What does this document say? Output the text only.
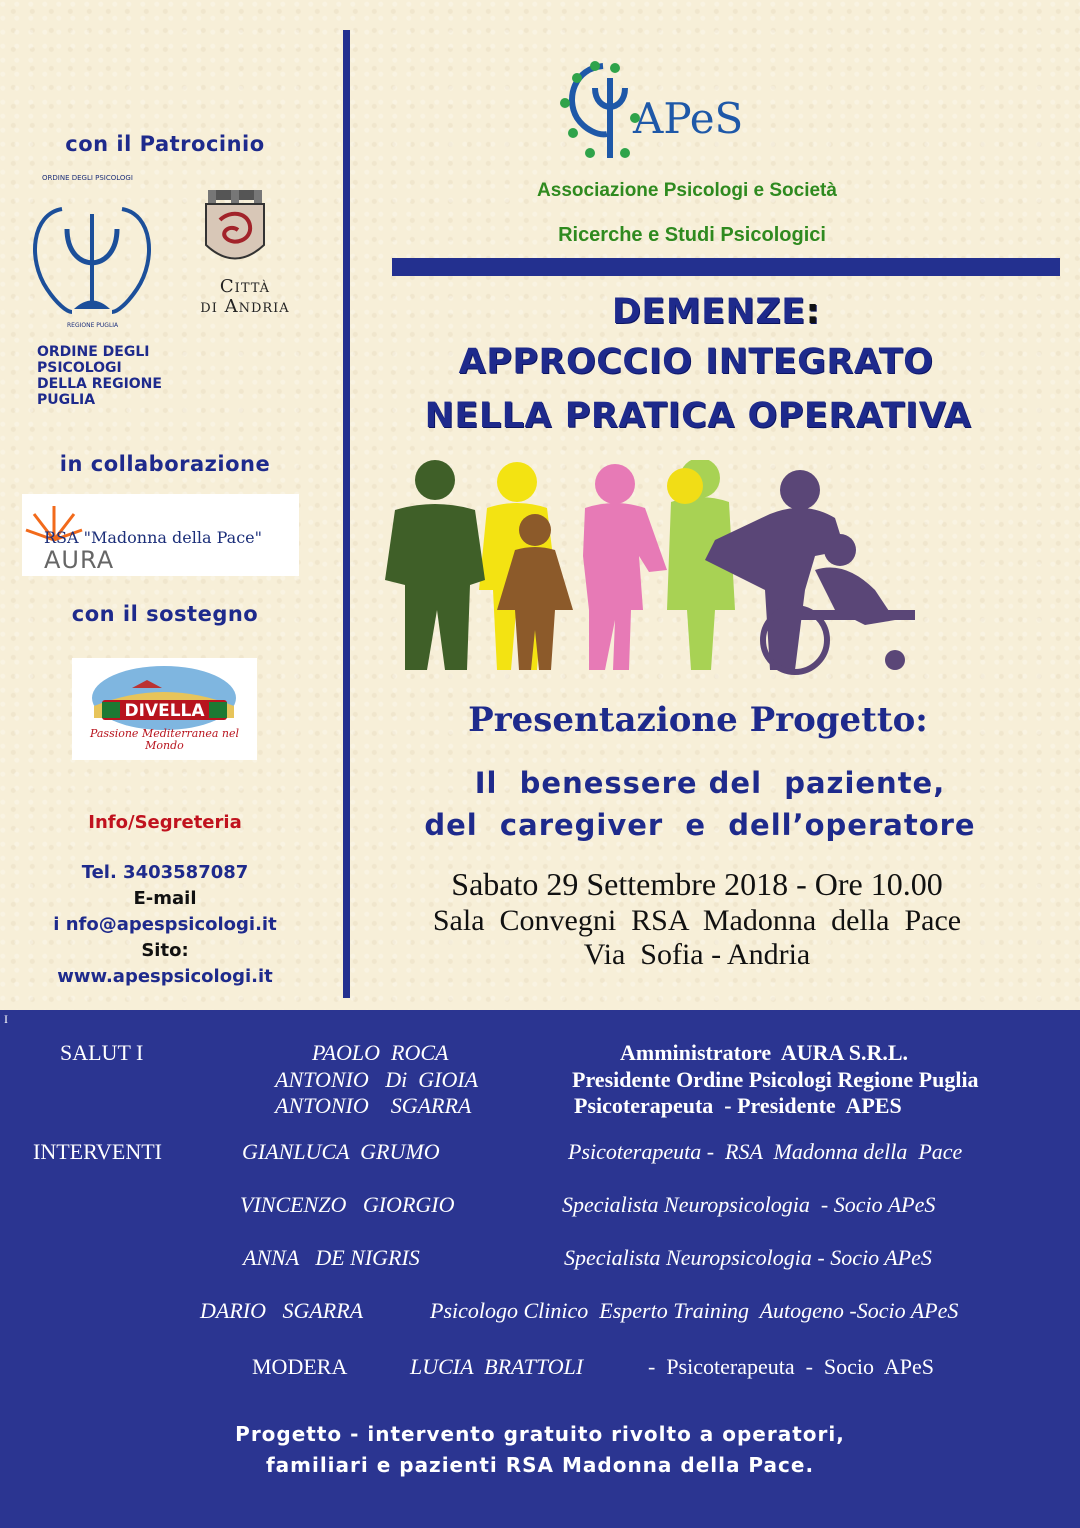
con il Patrocinio
ORDINE DEGLI PSICOLOGI
REGIONE PUGLIA
Città
di Andria
ORDINE DEGLI
PSICOLOGI
DELLA REGIONE
PUGLIA
in collaborazione
RSA "Madonna della Pace"
AURA
con il sostegno
DIVELLA
Passione Mediterranea nel Mondo
Info/Segreteria
Tel. 3403587087
E-mail
i nfo@apespsicologi.it
Sito:
www.apespsicologi.it
APeS
Associazione Psicologi e Società
Ricerche e Studi Psicologici
DEMENZE:
APPROCCIO INTEGRATO
NELLA PRATICA OPERATIVA
Presentazione Progetto:
Il  benessere del  paziente,
del  caregiver  e  dell’operatore
Sabato 29 Settembre 2018 - Ore 10.00
Sala  Convegni  RSA  Madonna  della  Pace
Via  Sofia - Andria
I
SALUT I	PAOLO  ROCA	Amministratore  AURA S.R.L.
ANTONIO   Di  GIOIA	Presidente Ordine Psicologi Regione Puglia
ANTONIO    SGARRA	Psicoterapeuta  - Presidente  APES
INTERVENTI	GIANLUCA  GRUMO	Psicoterapeuta -  RSA  Madonna della  Pace
VINCENZO   GIORGIO	Specialista Neuropsicologia  - Socio APeS
ANNA   DE NIGRIS	Specialista Neuropsicologia - Socio APeS
DARIO   SGARRA	Psicologo Clinico  Esperto Training  Autogeno -Socio APeS
MODERA	LUCIA  BRATTOLI	-  Psicoterapeuta  -  Socio  APeS
Progetto - intervento gratuito rivolto a operatori,
familiari e pazienti RSA Madonna della Pace.
